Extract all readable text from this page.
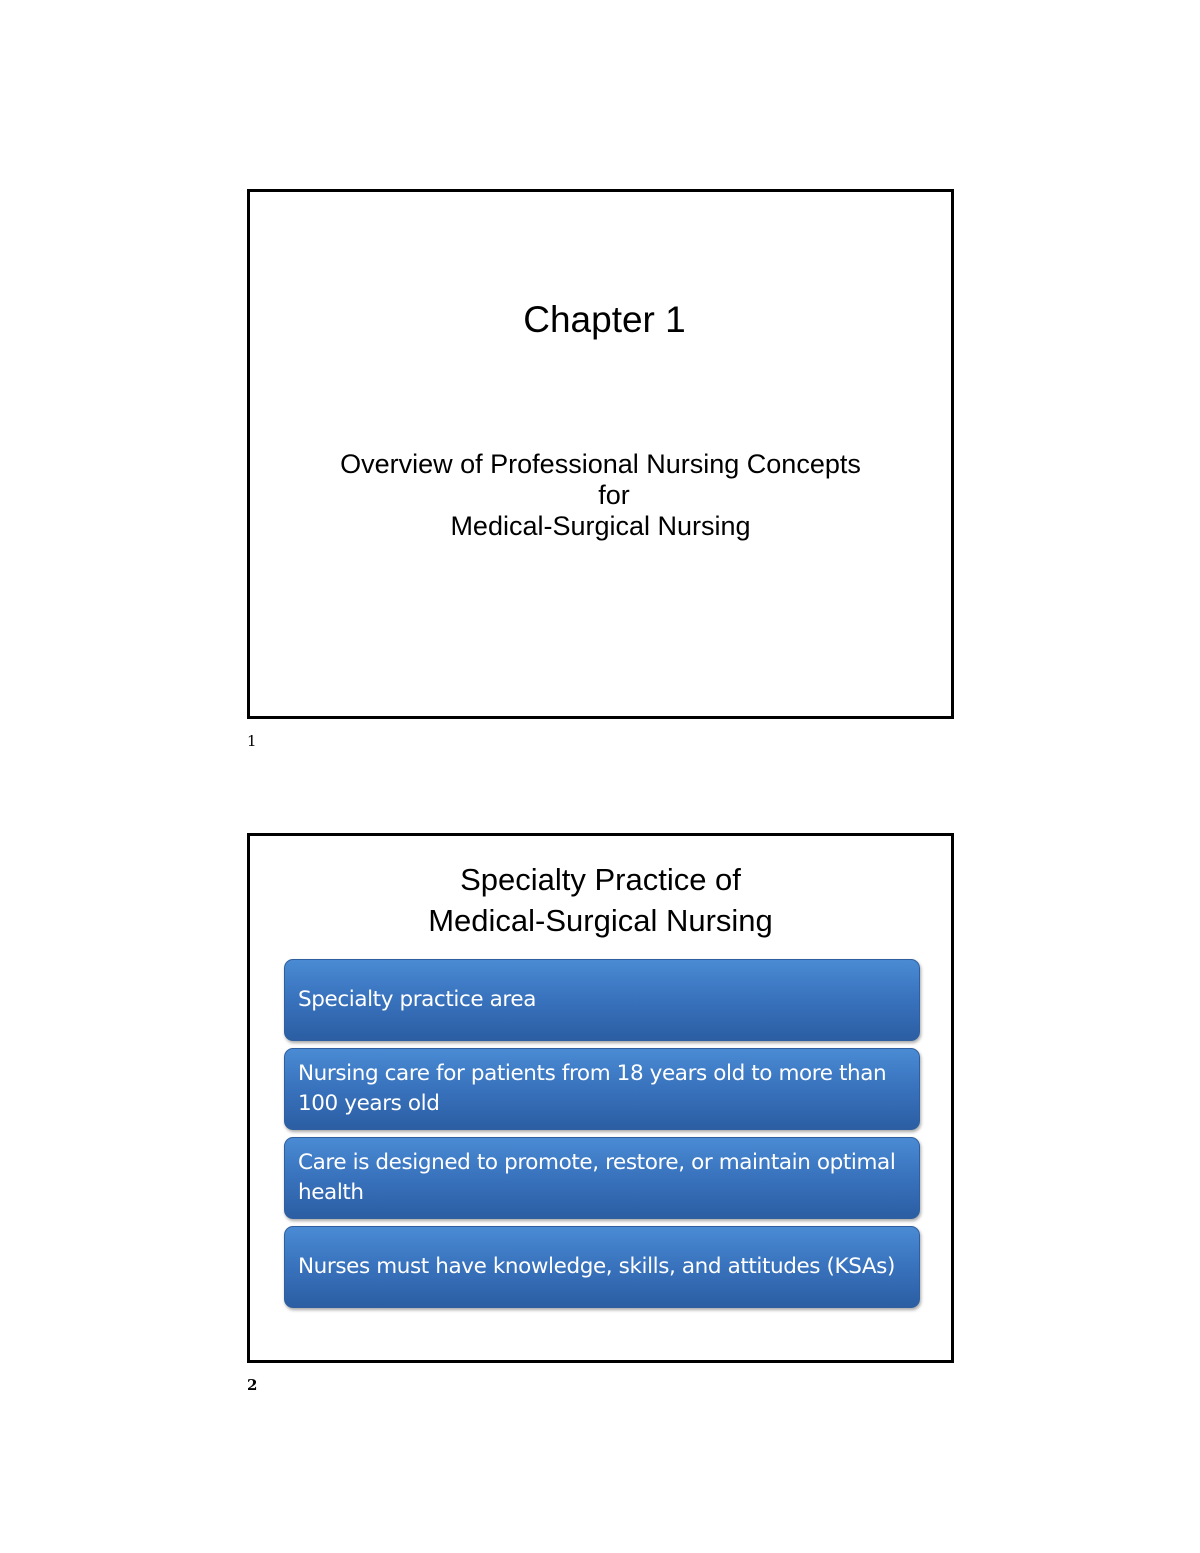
Chapter 1
Overview of Professional Nursing Concepts
for
Medical-Surgical Nursing
1
Specialty Practice of
Medical-Surgical Nursing
Specialty practice area
Nursing care for patients from 18 years old to more than 100 years old
Care is designed to promote, restore, or maintain optimal health
Nurses must have knowledge, skills, and attitudes (KSAs)
2
